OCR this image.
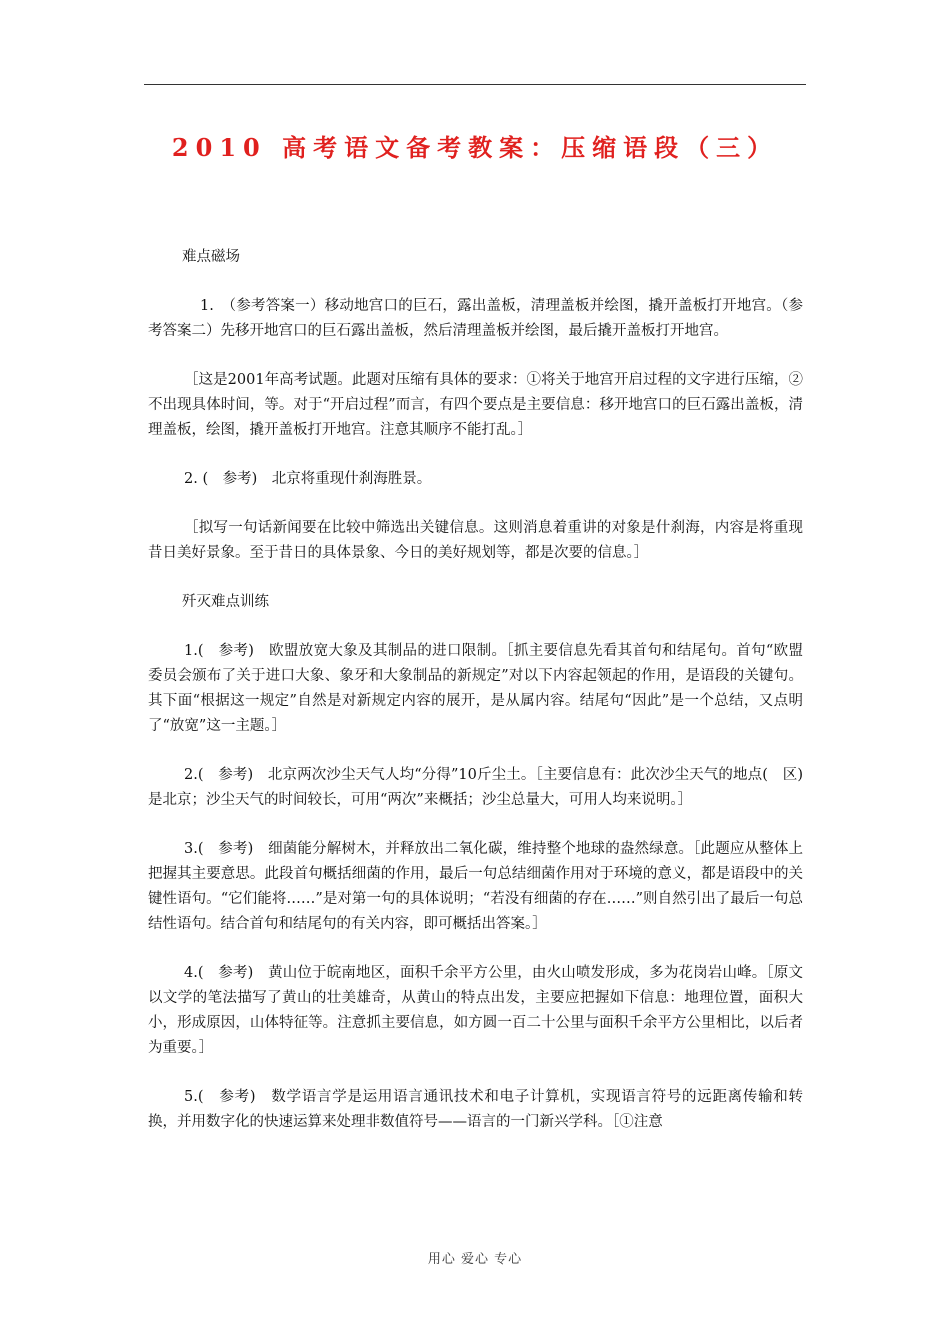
2010 高考语文备考教案：压缩语段（三）

难点磁场

1.　（参考答案一）移动地宫口的巨石，露出盖板，清理盖板并绘图，撬开盖板打开地宫。（参考答案二）先移开地宫口的巨石露出盖板，然后清理盖板并绘图，最后撬开盖板打开地宫。

［这是2001年高考试题。此题对压缩有具体的要求：①将关于地宫开启过程的文字进行压缩，②不出现具体时间，等。对于“开启过程”而言，有四个要点是主要信息：移开地宫口的巨石露出盖板，清理盖板，绘图，撬开盖板打开地宫。注意其顺序不能打乱。］

2. (　参考)　北京将重现什刹海胜景。

［拟写一句话新闻要在比较中筛选出关键信息。这则消息着重讲的对象是什刹海，内容是将重现昔日美好景象。至于昔日的具体景象、今日的美好规划等，都是次要的信息。］

歼灭难点训练

1.(　参考)　欧盟放宽大象及其制品的进口限制。［抓主要信息先看其首句和结尾句。首句“欧盟委员会颁布了关于进口大象、象牙和大象制品的新规定”对以下内容起领起的作用，是语段的关键句。其下面“根据这一规定”自然是对新规定内容的展开，是从属内容。结尾句“因此”是一个总结，又点明了“放宽”这一主题。］

2.(　参考)　北京两次沙尘天气人均“分得”10斤尘土。［主要信息有：此次沙尘天气的地点(　区)　是北京；沙尘天气的时间较长，可用“两次”来概括；沙尘总量大，可用人均来说明。］

3.(　参考)　细菌能分解树木，并释放出二氧化碳，维持整个地球的盎然绿意。［此题应从整体上把握其主要意思。此段首句概括细菌的作用，最后一句总结细菌作用对于环境的意义，都是语段中的关键性语句。“它们能将……”是对第一句的具体说明；“若没有细菌的存在……”则自然引出了最后一句总结性语句。结合首句和结尾句的有关内容，即可概括出答案。］

4.(　参考)　黄山位于皖南地区，面积千余平方公里，由火山喷发形成，多为花岗岩山峰。［原文以文学的笔法描写了黄山的壮美雄奇，从黄山的特点出发，主要应把握如下信息：地理位置，面积大小，形成原因，山体特征等。注意抓主要信息，如方圆一百二十公里与面积千余平方公里相比，以后者为重要。］

5.(　参考)　数学语言学是运用语言通讯技术和电子计算机，实现语言符号的远距离传输和转换，并用数字化的快速运算来处理非数值符号——语言的一门新兴学科。［①注意

用心 爱心 专心
